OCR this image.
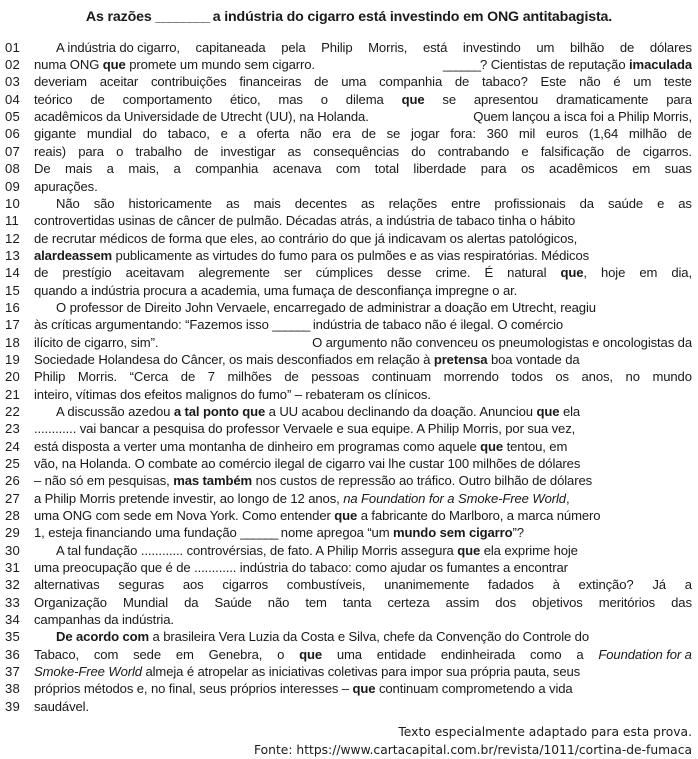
As razões ________ a indústria do cigarro está investindo em ONG antitabagista.
01	A indústria do cigarro, capitaneada pela Philip Morris, está investindo um bilhão de dólares
02	numa ONG que promete um mundo sem cigarro.	______? Cientistas de reputação imaculada
03	deveriam aceitar contribuições financeiras de uma companhia de tabaco? Este não é um teste
04	teórico de comportamento ético, mas o dilema que se apresentou dramaticamente para
05	acadêmicos da Universidade de Utrecht (UU), na Holanda.	Quem lançou a isca foi a Philip Morris,
06	gigante mundial do tabaco, e a oferta não era de se jogar fora: 360 mil euros (1,64 milhão de
07	reais) para o trabalho de investigar as consequências do contrabando e falsificação de cigarros.
08	De mais a mais, a companhia acenava com total liberdade para os acadêmicos em suas
09	apurações.
10	Não são historicamente as mais decentes as relações entre profissionais da saúde e as
11	controvertidas usinas de câncer de pulmão. Décadas atrás, a indústria de tabaco tinha o hábito
12	de recrutar médicos de forma que eles, ao contrário do que já indicavam os alertas patológicos,
13	alardeassem publicamente as virtudes do fumo para os pulmões e as vias respiratórias. Médicos
14	de prestígio aceitavam alegremente ser cúmplices desse crime. É natural que, hoje em dia,
15	quando a indústria procura a academia, uma fumaça de desconfiança impregne o ar.
16	O professor de Direito John Vervaele, encarregado de administrar a doação em Utrecht, reagiu
17	às críticas argumentando: “Fazemos isso ______ indústria de tabaco não é ilegal. O comércio
18	ilícito de cigarro, sim”.	O argumento não convenceu os pneumologistas e oncologistas da
19	Sociedade Holandesa do Câncer, os mais desconfiados em relação à pretensa boa vontade da
20	Philip Morris. “Cerca de 7 milhões de pessoas continuam morrendo todos os anos, no mundo
21	inteiro, vítimas dos efeitos malignos do fumo” – rebateram os clínicos.
22	A discussão azedou a tal ponto que a UU acabou declinando da doação. Anunciou que ela
23	............ vai bancar a pesquisa do professor Vervaele e sua equipe. A Philip Morris, por sua vez,
24	está disposta a verter uma montanha de dinheiro em programas como aquele que tentou, em
25	vão, na Holanda. O combate ao comércio ilegal de cigarro vai lhe custar 100 milhões de dólares
26	– não só em pesquisas, mas também nos custos de repressão ao tráfico. Outro bilhão de dólares
27	a Philip Morris pretende investir, ao longo de 12 anos, na Foundation for a Smoke-Free World,
28	uma ONG com sede em Nova York. Como entender que a fabricante do Marlboro, a marca número
29	1, esteja financiando uma fundação ______ nome apregoa “um mundo sem cigarro”?
30	A tal fundação ............ controvérsias, de fato. A Philip Morris assegura que ela exprime hoje
31	uma preocupação que é de ............ indústria do tabaco: como ajudar os fumantes a encontrar
32	alternativas seguras aos cigarros combustíveis, unanimemente fadados à extinção? Já a
33	Organização Mundial da Saúde não tem tanta certeza assim dos objetivos meritórios das
34	campanhas da indústria.
35	De acordo com a brasileira Vera Luzia da Costa e Silva, chefe da Convenção do Controle do
36	Tabaco, com sede em Genebra, o que uma entidade endinheirada como a Foundation for a
37	Smoke-Free World almeja é atropelar as iniciativas coletivas para impor sua própria pauta, seus
38	próprios métodos e, no final, seus próprios interesses – que continuam comprometendo a vida
39	saudável.
Texto especialmente adaptado para esta prova.
Fonte: https://www.cartacapital.com.br/revista/1011/cortina-de-fumaca
